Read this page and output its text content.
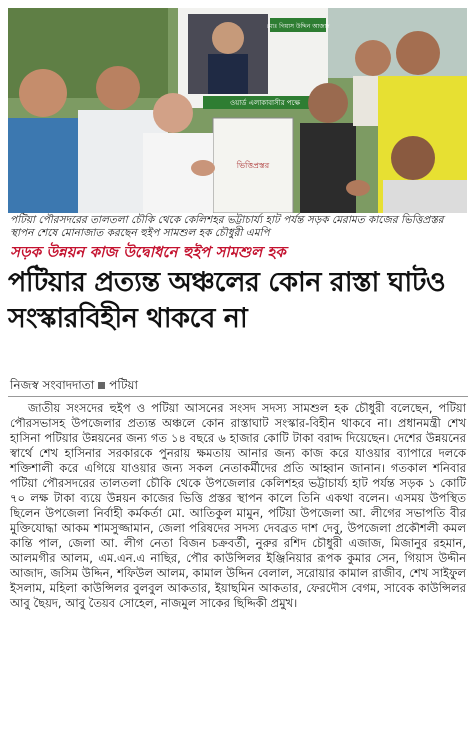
মোঃ গিয়াস উদ্দিন আজাদ
ওয়ার্ড এলাকাবাসীর পক্ষে
ভিত্তিপ্রস্তর
পটিয়া পৌরসদরের তালতলা চৌকি থেকে কেলিশহর ভট্টাচার্য্য হাট পর্যন্ত সড়ক মেরামত কাজের ভিত্তিপ্রস্তর স্থাপন শেষে মোনাজাত করছেন হুইপ সামশুল হক চৌধুরী এমপি
সড়ক উন্নয়ন কাজ উদ্বোধনে হুইপ সামশুল হক
পটিয়ার প্রত্যন্ত অঞ্চলের কোন রাস্তা ঘাটও সংস্কারবিহীন থাকবে না
নিজস্ব সংবাদদাতা পটিয়া

জাতীয় সংসদের হুইপ ও পটিয়া আসনের সংসদ সদস্য সামশুল হক চৌধুরী বলেছেন, পটিয়া পৌরসভাসহ উপজেলার প্রত্যন্ত অঞ্চলে কোন রাস্তাঘাট সংস্কার-বিহীন থাকবে না। প্রধানমন্ত্রী শেখ হাসিনা পটিয়ার উন্নয়নের জন্য গত ১৪ বছরে ৬ হাজার কোটি টাকা বরাদ্দ দিয়েছেন। দেশের উন্নয়নের স্বার্থে শেখ হাসিনার সরকারকে পুনরায় ক্ষমতায় আনার জন্য কাজ করে যাওয়ার ব্যাপারে দলকে শক্তিশালী করে এগিয়ে যাওয়ার জন্য সকল নেতাকর্মীদের প্রতি আহ্বান জানান। গতকাল শনিবার পটিয়া পৌরসদরের তালতলা চৌকি থেকে উপজেলার কেলিশহর ভট্টাচার্য্য হাট পর্যন্ত সড়ক ১ কোটি ৭০ লক্ষ টাকা ব্যয়ে উন্নয়ন কাজের ভিত্তি প্রস্তর স্থাপন কালে তিনি একথা বলেন। এসময় উপস্থিত ছিলেন উপজেলা নির্বাহী কর্মকর্তা মো. আতিকুল মামুন, পটিয়া উপজেলা আ. লীগের সভাপতি বীর মুক্তিযোদ্ধা আকম শামসুজ্জামান, জেলা পরিষদের সদস্য দেবব্রত দাশ দেবু, উপজেলা প্রকৌশলী কমল কান্তি পাল, জেলা আ. লীগ নেতা বিজন চক্রবর্তী, নুরুর রশিদ চৌধুরী এজাজ, মিজানুর রহমান, আলমগীর আলম, এম.এন.এ নাছির, পৌর কাউন্সিলর ইঞ্জিনিয়ার রূপক কুমার সেন, গিয়াস উদ্দীন আজাদ, জসিম উদ্দিন, শফিউল আলম, কামাল উদ্দিন বেলাল, সরোয়ার কামাল রাজীব, শেখ সাইফুল ইসলাম, মহিলা কাউন্সিলর বুলবুল আকতার, ইয়াছমিন আকতার, ফেরদৌস বেগম, সাবেক কাউন্সিলর আবু ছৈয়দ, আবু তৈয়ব সোহেল, নাজমুল সাকের ছিদ্দিকী প্রমুখ।
